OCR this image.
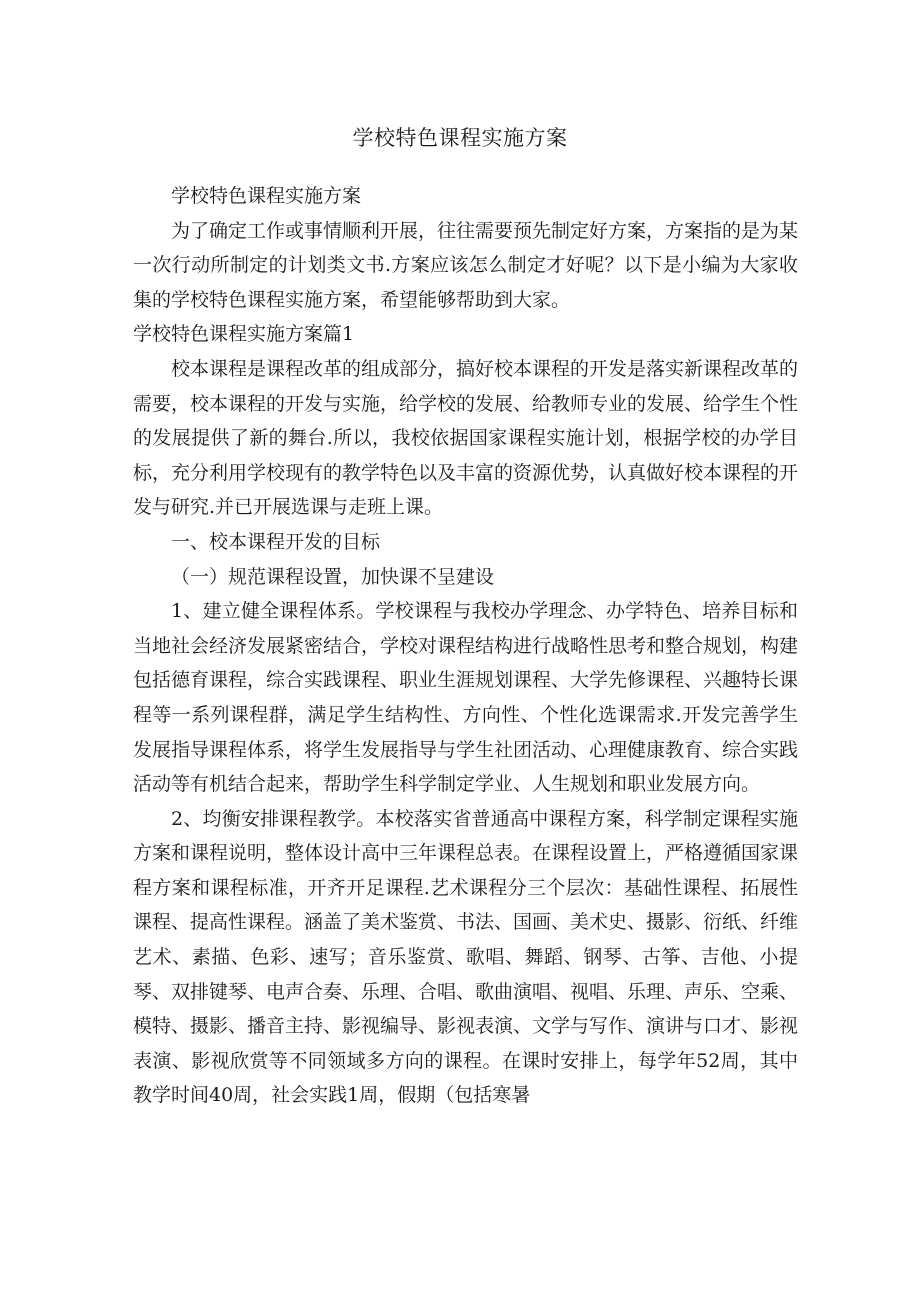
学校特色课程实施方案

学校特色课程实施方案

为了确定工作或事情顺利开展，往往需要预先制定好方案，方案指的是为某一次行动所制定的计划类文书.方案应该怎么制定才好呢？以下是小编为大家收集的学校特色课程实施方案，希望能够帮助到大家。

学校特色课程实施方案篇1

校本课程是课程改革的组成部分，搞好校本课程的开发是落实新课程改革的需要，校本课程的开发与实施，给学校的发展、给教师专业的发展、给学生个性的发展提供了新的舞台.所以，我校依据国家课程实施计划，根据学校的办学目标，充分利用学校现有的教学特色以及丰富的资源优势，认真做好校本课程的开发与研究.并已开展选课与走班上课。

一、校本课程开发的目标

（一）规范课程设置，加快课不呈建设

1、建立健全课程体系。学校课程与我校办学理念、办学特色、培养目标和当地社会经济发展紧密结合，学校对课程结构进行战略性思考和整合规划，构建包括德育课程，综合实践课程、职业生涯规划课程、大学先修课程、兴趣特长课程等一系列课程群，满足学生结构性、方向性、个性化选课需求.开发完善学生发展指导课程体系，将学生发展指导与学生社团活动、心理健康教育、综合实践活动等有机结合起来，帮助学生科学制定学业、人生规划和职业发展方向。

2、均衡安排课程教学。本校落实省普通高中课程方案，科学制定课程实施方案和课程说明，整体设计高中三年课程总表。在课程设置上，严格遵循国家课程方案和课程标准，开齐开足课程.艺术课程分三个层次：基础性课程、拓展性课程、提高性课程。涵盖了美术鉴赏、书法、国画、美术史、摄影、衍纸、纤维艺术、素描、色彩、速写；音乐鉴赏、歌唱、舞蹈、钢琴、古筝、吉他、小提琴、双排键琴、电声合奏、乐理、合唱、歌曲演唱、视唱、乐理、声乐、空乘、模特、摄影、播音主持、影视编导、影视表演、文学与写作、演讲与口才、影视表演、影视欣赏等不同领域多方向的课程。在课时安排上，每学年52周，其中教学时间40周，社会实践1周，假期（包括寒暑
